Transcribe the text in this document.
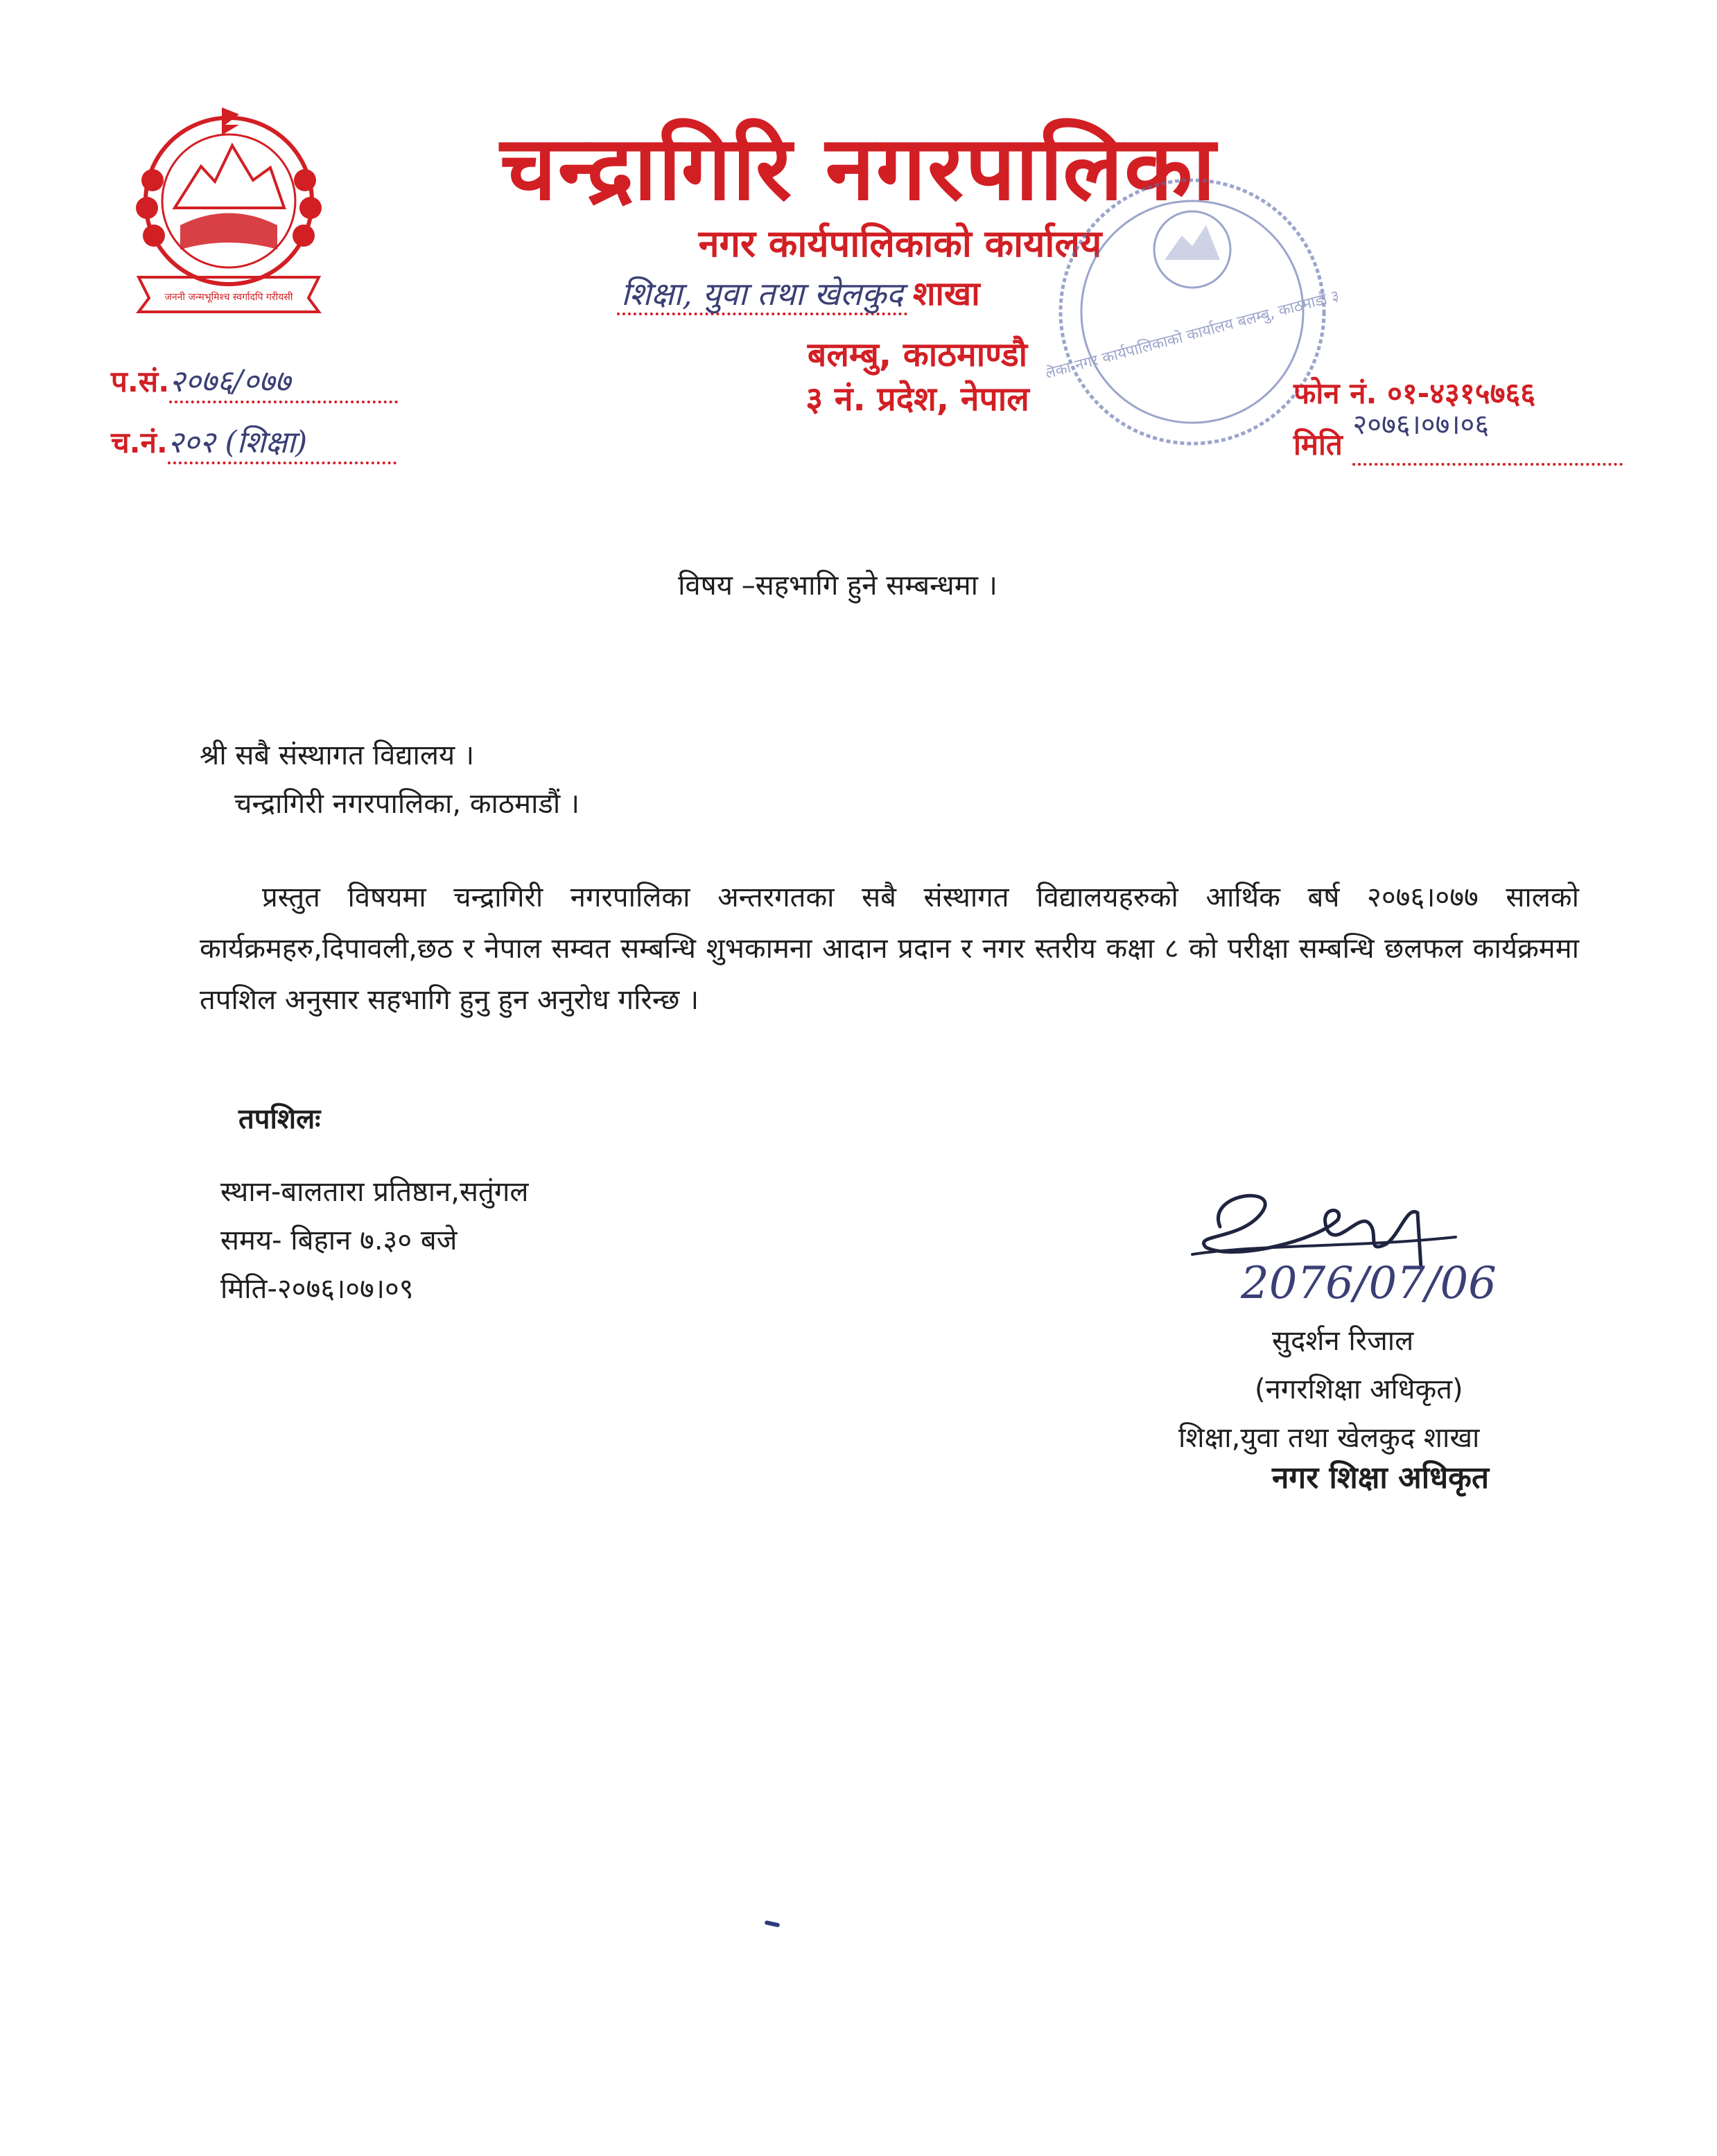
जननी जन्मभूमिश्च स्वर्गादपि गरीयसी
चन्द्रागिरि नगरपालिका
नगर कार्यपालिकाको कार्यालय
शिक्षा, युवा तथा खेलकुद शाखा
बलम्बु, काठमाण्डौ
३ नं. प्रदेश, नेपाल
नगरपालिका नगर कार्यपालिकाको कार्यालय बलम्बु, काठमाडौं ३
प.सं.२०७६/०७७
च.नं.२०२ (शिक्षा)
फोन नं. ०१-४३१५७६६
मिति २०७६।०७।०६
विषय –सहभागि हुने सम्बन्धमा ।
श्री सबै संस्थागत विद्यालय ।
चन्द्रागिरी नगरपालिका, काठमाडौं ।
प्रस्तुत विषयमा चन्द्रागिरी नगरपालिका अन्तरगतका सबै संस्थागत विद्यालयहरुको आर्थिक बर्ष २०७६।०७७ सालको कार्यक्रमहरु,दिपावली,छठ र नेपाल सम्वत सम्बन्धि शुभकामना आदान प्रदान र नगर स्तरीय कक्षा ८ को परीक्षा सम्बन्धि छलफल कार्यक्रममा तपशिल अनुसार सहभागि हुनु हुन अनुरोध गरिन्छ ।
तपशिलः
स्थान-बालतारा प्रतिष्ठान,सतुंगल
समय- बिहान ७.३० बजे
मिति-२०७६।०७।०९	2076/07/06
सुदर्शन रिजाल
(नगरशिक्षा अधिकृत)
शिक्षा,युवा तथा खेलकुद शाखा
नगर शिक्षा अधिकृत
